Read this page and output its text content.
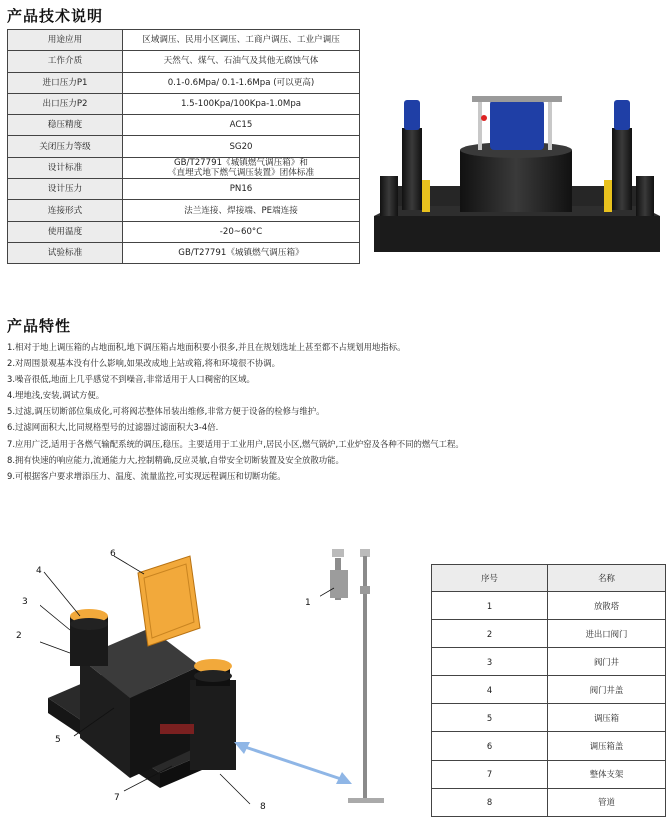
产品技术说明
用途应用	区域调压、民用小区调压、工商户调压、工业户调压
工作介质	天然气、煤气、石油气及其他无腐蚀气体
进口压力P1	0.1-0.6Mpa/ 0.1-1.6Mpa (可以更高)
出口压力P2	1.5-100Kpa/100Kpa-1.0Mpa
稳压精度	AC15
关闭压力等级	SG20
设计标准	GB/T27791《城镇燃气调压箱》和
《直埋式地下燃气调压装置》团体标准
设计压力	PN16
连接形式	法兰连接、焊接端、PE端连接
使用温度	-20~60°C
试验标准	GB/T27791《城镇燃气调压箱》
产品特性
1.相对于地上调压箱的占地面积,地下调压箱占地面积要小很多,并且在规划选址上甚至都不占规划用地指标。
2.对周围景观基本没有什么影响,如果改成地上站或箱,将和环境很不协调。
3.噪音很低,地面上几乎感觉不到噪音,非常适用于人口稠密的区域。
4.埋地浅,安装,调试方便。
5.过滤,调压切断部位集成化,可将阀芯整体吊装出维修,非常方便于设备的检修与维护。
6.过滤网面积大,比同规格型号的过滤器过滤面积大3-4倍.
7.应用广泛,适用于各燃气输配系统的调压,稳压。主要适用于工业用户,居民小区,燃气锅炉,工业炉窑及各种不同的燃气工程。
8.拥有快速的响应能力,流通能力大,控制精确,反应灵敏,自带安全切断装置及安全放散功能。
9.可根据客户要求增添压力、温度、流量监控,可实现远程调压和切断功能。
6
4
3
2
5
7
8
1
序号	名称
1	放散塔
2	进出口阀门
3	阀门井
4	阀门井盖
5	调压箱
6	调压箱盖
7	整体支架
8	管道
